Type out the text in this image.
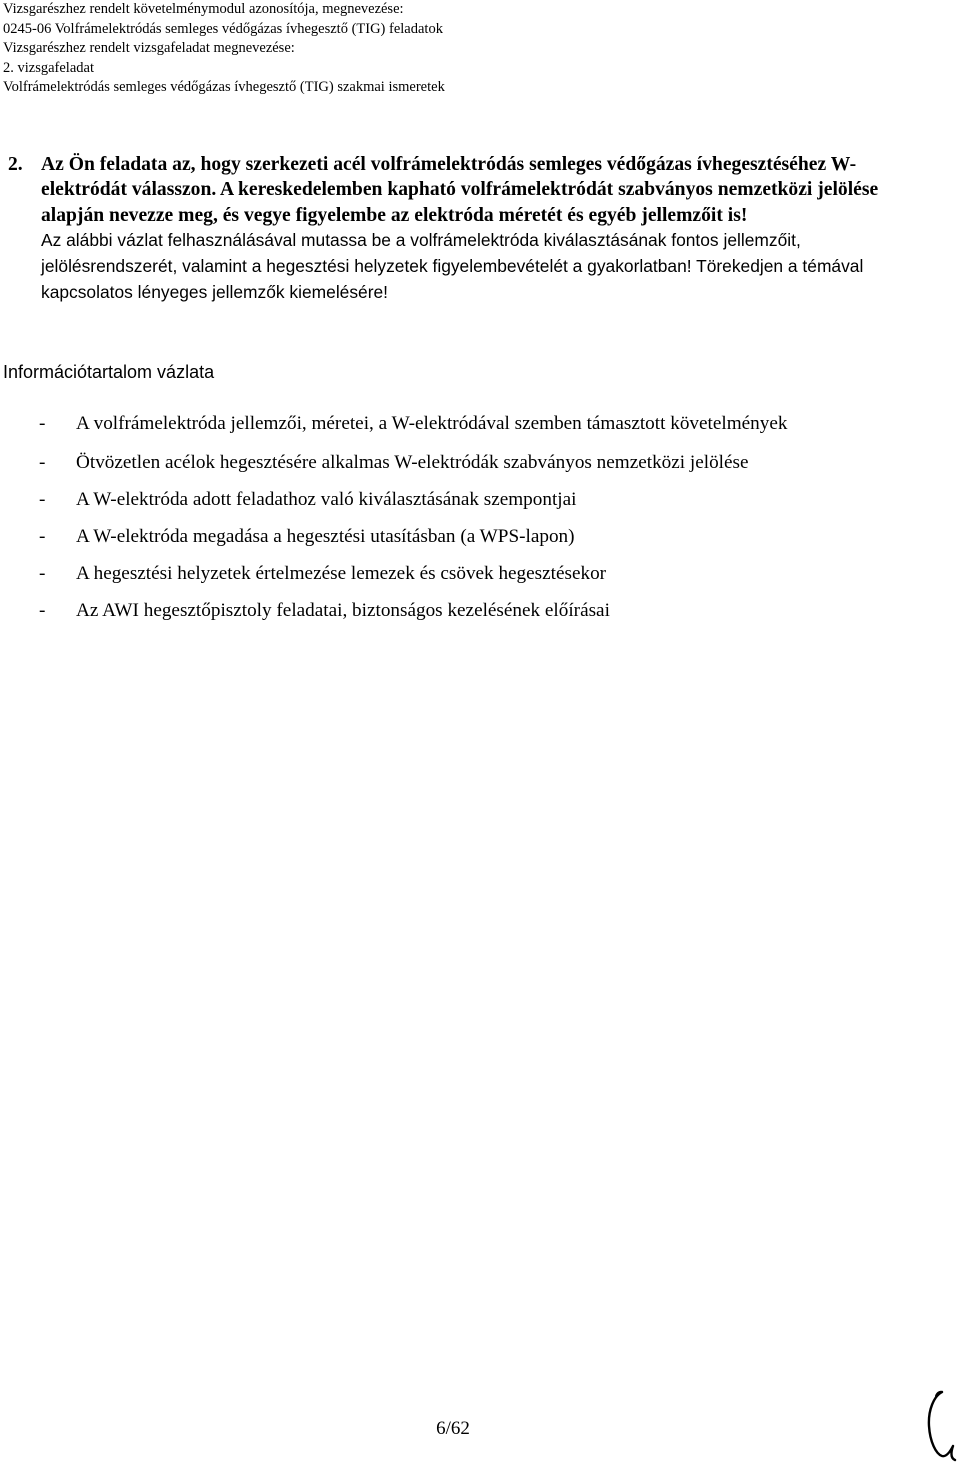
Vizsgarészhez rendelt követelménymodul azonosítója, megnevezése:
0245-06 Volfrámelektródás semleges védőgázas ívhegesztő (TIG) feladatok
Vizsgarészhez rendelt vizsgafeladat megnevezése:
2. vizsgafeladat
Volfrámelektródás semleges védőgázas ívhegesztő (TIG) szakmai ismeretek
2. Az Ön feladata az, hogy szerkezeti acél volfrámelektródás semleges védőgázas ívhegesztéséhez W-elektródát válasszon. A kereskedelemben kapható volfrámelektródát szabványos nemzetközi jelölése alapján nevezze meg, és vegye figyelembe az elektróda méretét és egyéb jellemzőit is!
Az alábbi vázlat felhasználásával mutassa be a volfrámelektróda kiválasztásának fontos jellemzőit, jelölésrendszerét, valamint a hegesztési helyzetek figyelembevételét a gyakorlatban! Törekedjen a témával kapcsolatos lényeges jellemzők kiemelésére!
Információtartalom vázlata
-	A volfrámelektróda jellemzői, méretei, a W-elektródával szemben támasztott követelmények
-	Ötvözetlen acélok hegesztésére alkalmas W-elektródák szabványos nemzetközi jelölése
-	A W-elektróda adott feladathoz való kiválasztásának szempontjai
-	A W-elektróda megadása a hegesztési utasításban (a WPS-lapon)
-	A hegesztési helyzetek értelmezése lemezek és csövek hegesztésekor
-	Az AWI hegesztőpisztoly feladatai, biztonságos kezelésének előírásai
6/62
